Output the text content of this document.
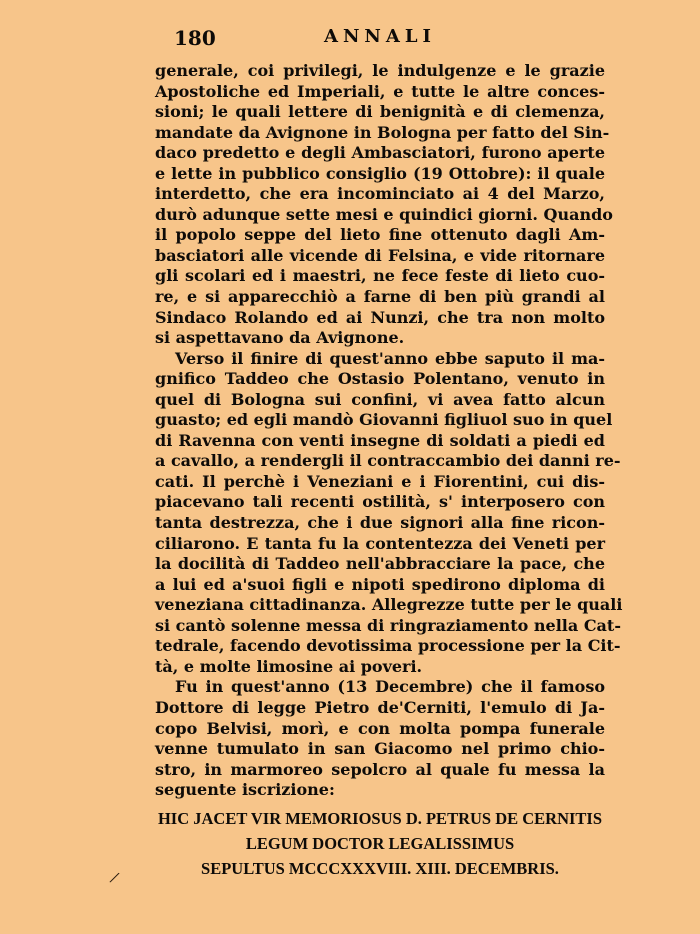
180	ANNALI
generale, coi privilegi, le indulgenze e le grazie
Apostoliche ed Imperiali, e tutte le altre conces-
sioni; le quali lettere di benignità e di clemenza,
mandate da Avignone in Bologna per fatto del Sin-
daco predetto e degli Ambasciatori, furono aperte
e lette in pubblico consiglio (19 Ottobre): il quale
interdetto, che era incominciato ai 4 del Marzo,
durò adunque sette mesi e quindici giorni. Quando
il popolo seppe del lieto fine ottenuto dagli Am-
basciatori alle vicende di Felsina, e vide ritornare
gli scolari ed i maestri, ne fece feste di lieto cuo-
re, e si apparecchiò a farne di ben più grandi al
Sindaco Rolando ed ai Nunzi, che tra non molto
si aspettavano da Avignone.
Verso il finire di quest'anno ebbe saputo il ma-
gnifico Taddeo che Ostasio Polentano, venuto in
quel di Bologna sui confini, vi avea fatto alcun
guasto; ed egli mandò Giovanni figliuol suo in quel
di Ravenna con venti insegne di soldati a piedi ed
a cavallo, a rendergli il contraccambio dei danni re-
cati. Il perchè i Veneziani e i Fiorentini, cui dis-
piacevano tali recenti ostilità, s' interposero con
tanta destrezza, che i due signori alla fine ricon-
ciliarono. E tanta fu la contentezza dei Veneti per
la docilità di Taddeo nell'abbracciare la pace, che
a lui ed a'suoi figli e nipoti spedirono diploma di
veneziana cittadinanza. Allegrezze tutte per le quali
si cantò solenne messa di ringraziamento nella Cat-
tedrale, facendo devotissima processione per la Cit-
tà, e molte limosine ai poveri.
Fu in quest'anno (13 Decembre) che il famoso
Dottore di legge Pietro de'Cerniti, l'emulo di Ja-
copo Belvisi, morì, e con molta pompa funerale
venne tumulato in san Giacomo nel primo chio-
stro, in marmoreo sepolcro al quale fu messa la
seguente iscrizione:
HIC JACET VIR MEMORIOSUS D. PETRUS DE CERNITIS
LEGUM DOCTOR LEGALISSIMUS
SEPULTUS MCCCXXXVIII. XIII. DECEMBRIS.
/
